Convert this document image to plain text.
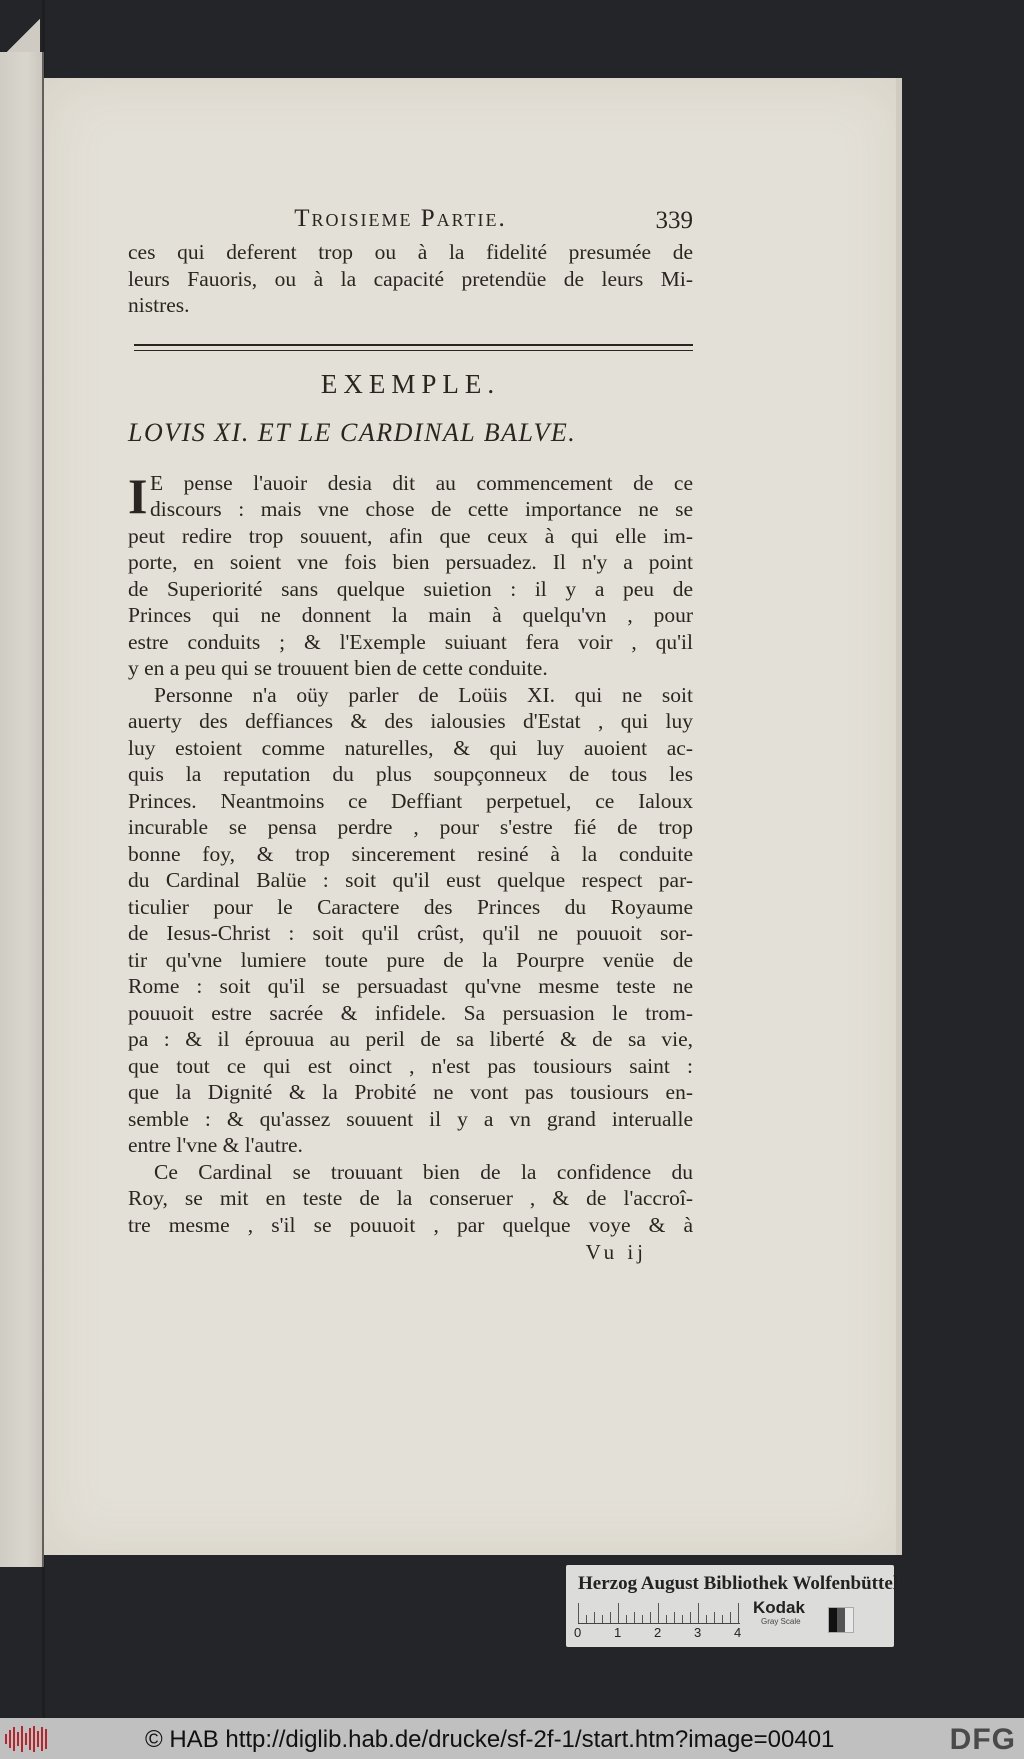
Troisieme Partie.	339
ces qui deferent trop ou à la fidelité presumée de
leurs Fauoris, ou à la capacité pretendüe de leurs Mi-
nistres.
EXEMPLE.
LOVIS XI. ET LE CARDINAL BALVE.
I E pense l'auoir desia dit au commencement de ce
discours : mais vne chose de cette importance ne se
peut redire trop souuent, afin que ceux à qui elle im-
porte, en soient vne fois bien persuadez. Il n'y a point
de Superiorité sans quelque suietion : il y a peu de
Princes qui ne donnent la main à quelqu'vn , pour
estre conduits ; & l'Exemple suiuant fera voir , qu'il
y en a peu qui se trouuent bien de cette conduite.
Personne n'a oüy parler de Loüis XI. qui ne soit
auerty des deffiances & des ialousies d'Estat , qui luy
luy estoient comme naturelles, & qui luy auoient ac-
quis la reputation du plus soupçonneux de tous les
Princes. Neantmoins ce Deffiant perpetuel, ce Ialoux
incurable se pensa perdre , pour s'estre fié de trop
bonne foy, & trop sincerement resiné à la conduite
du Cardinal Balüe : soit qu'il eust quelque respect par-
ticulier pour le Caractere des Princes du Royaume
de Iesus-Christ : soit qu'il crûst, qu'il ne pouuoit sor-
tir qu'vne lumiere toute pure de la Pourpre venüe de
Rome : soit qu'il se persuadast qu'vne mesme teste ne
pouuoit estre sacrée & infidele. Sa persuasion le trom-
pa : & il éprouua au peril de sa liberté & de sa vie,
que tout ce qui est oinct , n'est pas tousiours saint :
que la Dignité & la Probité ne vont pas tousiours en-
semble : & qu'assez souuent il y a vn grand interualle
entre l'vne & l'autre.
Ce Cardinal se trouuant bien de la confidence du
Roy, se mit en teste de la conseruer , & de l'accroî-
tre mesme , s'il se pouuoit , par quelque voye & à
Vu ij
Herzog August Bibliothek Wolfenbüttel
0	1	2	3	4
Kodak
Gray Scale
© HAB http://diglib.hab.de/drucke/sf-2f-1/start.htm?image=00401	DFG
